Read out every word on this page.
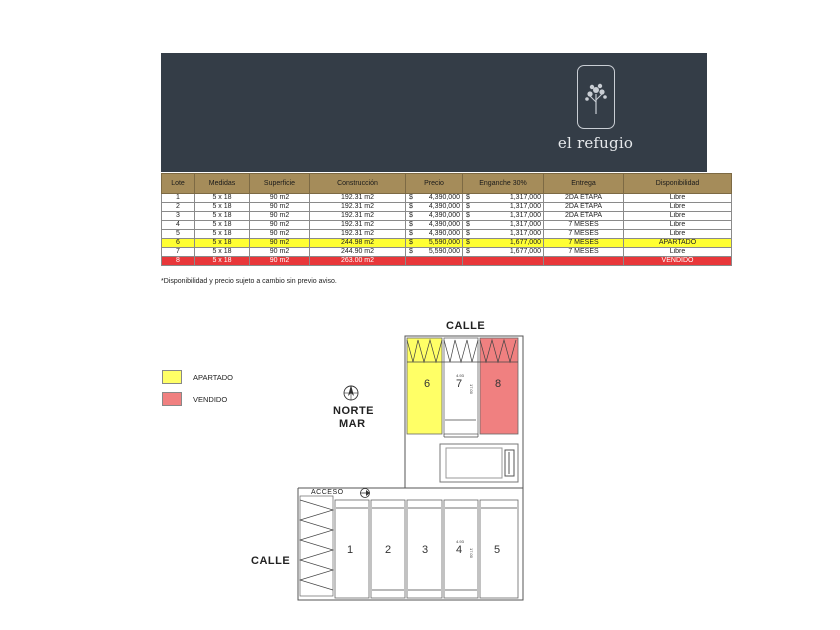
el refugio
Lote	Medidas	Superficie	Construcción	Precio	Enganche 30%	Entrega	Disponibilidad
1	5 x 18	90 m2	192.31 m2	$ 4,390,000	$ 1,317,000	2DA ETAPA	Libre
2	5 x 18	90 m2	192.31 m2	$ 4,390,000	$ 1,317,000	2DA ETAPA	Libre
3	5 x 18	90 m2	192.31 m2	$ 4,390,000	$ 1,317,000	2DA ETAPA	Libre
4	5 x 18	90 m2	192.31 m2	$ 4,390,000	$ 1,317,000	7 MESES	Libre
5	5 x 18	90 m2	192.31 m2	$ 4,390,000	$ 1,317,000	7 MESES	Libre
6	5 x 18	90 m2	244.98 m2	$ 5,590,000	$ 1,677,000	7 MESES	APARTADO
7	5 x 18	90 m2	244.90 m2	$ 5,590,000	$ 1,677,000	7 MESES	Libre
8	5 x 18	90 m2	263.00 m2				VENDIDO
*Disponibilidad y precio sujeto a cambio sin previo aviso.
APARTADO
VENDIDO
6 7	8
4.93
17.00
1	2	3	4	5
4.93
17.00
CALLE
CALLE
NORTE
MAR
ACCESO
